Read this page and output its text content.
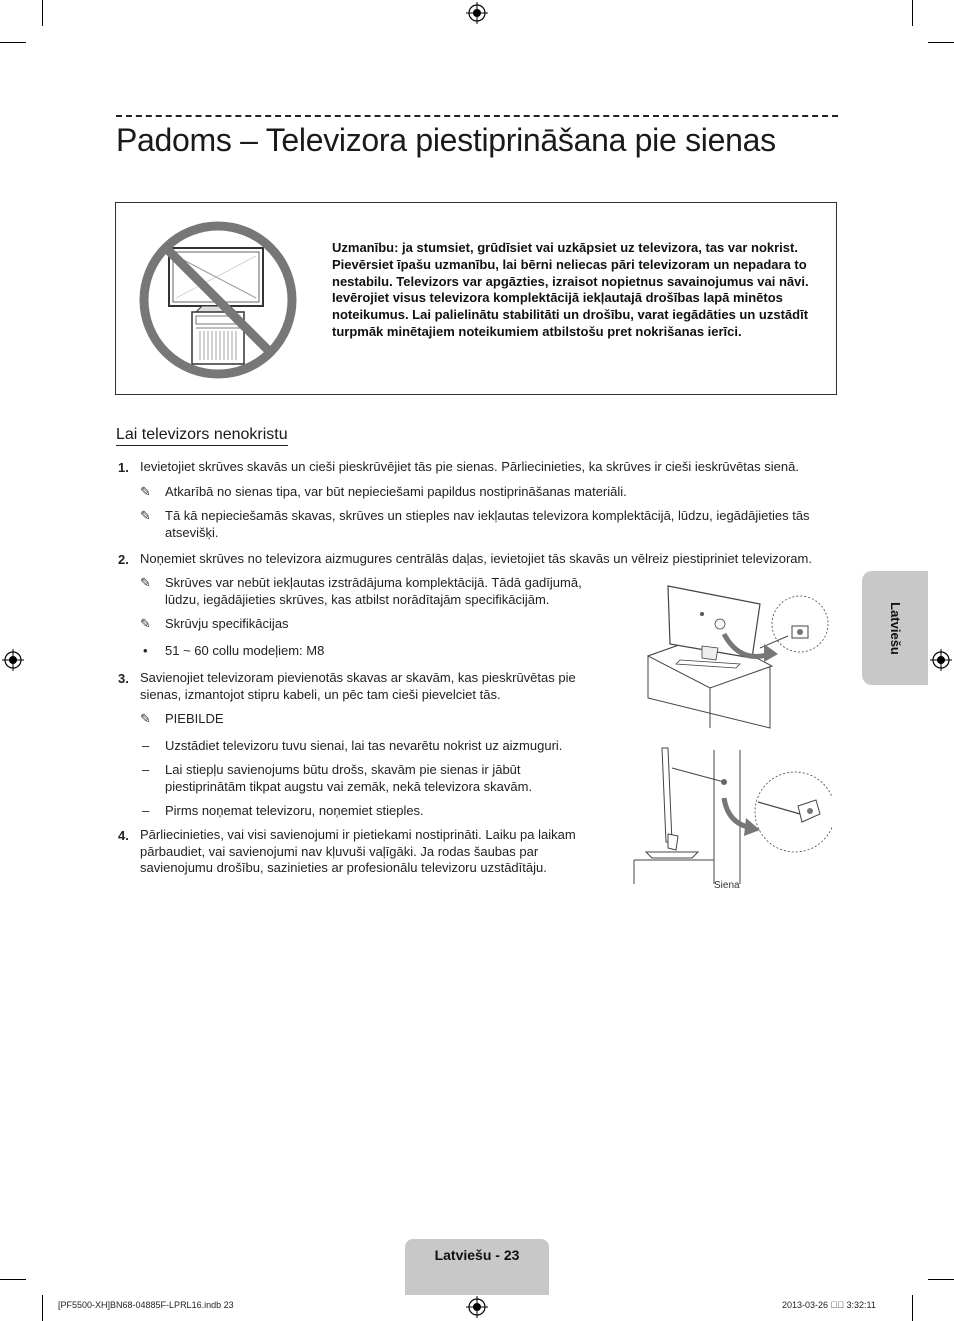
Padoms – Televizora piestiprināšana pie sienas
Uzmanību: ja stumsiet, grūdīsiet vai uzkāpsiet uz televizora, tas var nokrist. Pievērsiet īpašu uzmanību, lai bērni neliecas pāri televizoram un nepadara to nestabilu. Televizors var apgāzties, izraisot nopietnus savainojumus vai nāvi. Ievērojiet visus televizora komplektācijā iekļautajā drošības lapā minētos noteikumus. Lai palielinātu stabilitāti un drošību, varat iegādāties un uzstādīt turpmāk minētajiem noteikumiem atbilstošu pret nokrišanas ierīci.
Lai televizors nenokristu
1. Ievietojiet skrūves skavās un cieši pieskrūvējiet tās pie sienas. Pārliecinieties, ka skrūves ir cieši ieskrūvētas sienā.
✎ Atkarībā no sienas tipa, var būt nepieciešami papildus nostiprināšanas materiāli.
✎ Tā kā nepieciešamās skavas, skrūves un stieples nav iekļautas televizora komplektācijā, lūdzu, iegādājieties tās atsevišķi.
2. Noņemiet skrūves no televizora aizmugures centrālās daļas, ievietojiet tās skavās un vēlreiz piestipriniet televizoram.
✎ Skrūves var nebūt iekļautas izstrādājuma komplektācijā. Tādā gadījumā, lūdzu, iegādājieties skrūves, kas atbilst norādītajām specifikācijām.
✎ Skrūvju specifikācijas
• 51 ~ 60 collu modeļiem: M8
3. Savienojiet televizoram pievienotās skavas ar skavām, kas pieskrūvētas pie sienas, izmantojot stipru kabeli, un pēc tam cieši pievelciet tās.
✎ PIEBILDE
– Uzstādiet televizoru tuvu sienai, lai tas nevarētu nokrist uz aizmuguri.
– Lai stiepļu savienojums būtu drošs, skavām pie sienas ir jābūt piestiprinātām tikpat augstu vai zemāk, nekā televizora skavām.
– Pirms noņemat televizoru, noņemiet stieples.
4. Pārliecinieties, vai visi savienojumi ir pietiekami nostiprināti. Laiku pa laikam pārbaudiet, vai savienojumi nav kļuvuši vaļīgāki. Ja rodas šaubas par savienojumu drošību, sazinieties ar profesionālu televizoru uzstādītāju.
Siena
Latviešu
Latviešu - 23
[PF5500-XH]BN68-04885F-LPRL16.indb 23	2013-03-26 ￿￿ 3:32:11
